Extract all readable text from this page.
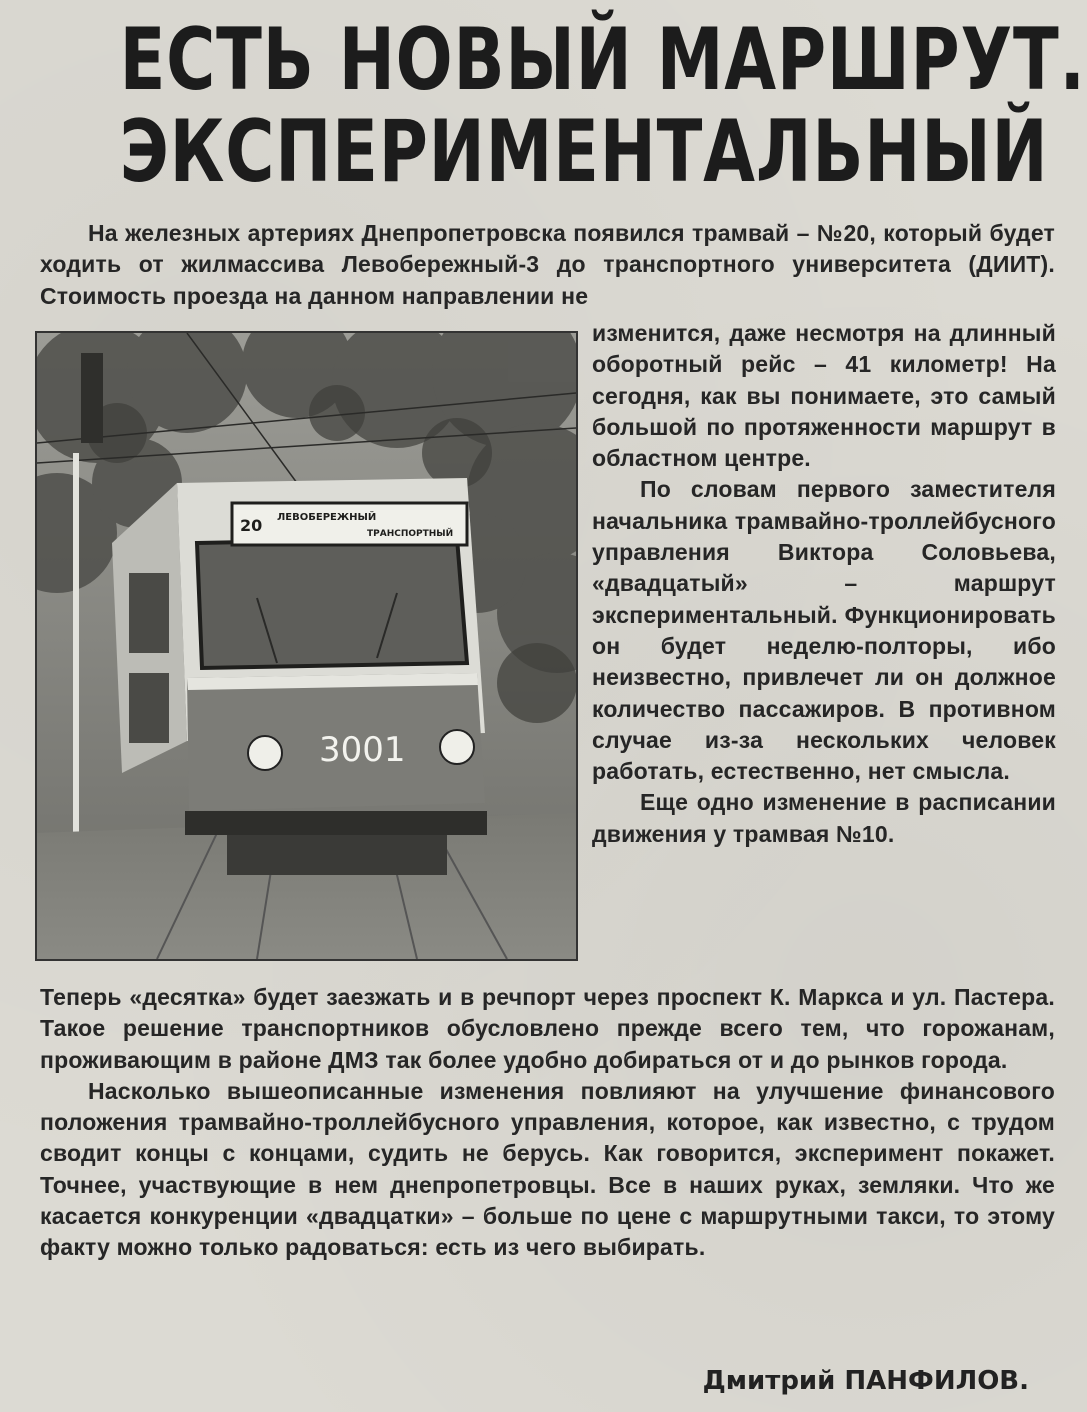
ЕСТЬ НОВЫЙ МАРШРУТ.
ЭКСПЕРИМЕНТАЛЬНЫЙ

На железных артериях Днепропетровска появился трамвай – №20, который будет ходить от жилмассива Левобережный-3 до транспортного университета (ДИИТ). Стоимость проезда на данном направлении не

20 ЛЕВОБЕРЕЖНЫЙ
ТРАНСПОРТНЫЙ
3001

изменится, даже несмотря на длинный оборотный рейс – 41 километр! На сегодня, как вы понимаете, это самый большой по протяженности маршрут в областном центре.

По словам первого заместителя начальника трамвайно-троллейбусного управления Виктора Соловьева, «двадцатый» – маршрут экспериментальный. Функционировать он будет неделю-полторы, ибо неизвестно, привлечет ли он должное количество пассажиров. В противном случае из-за нескольких человек работать, естественно, нет смысла.

Еще одно изменение в расписании движения у трамвая №10.

Теперь «десятка» будет заезжать и в речпорт через проспект К. Маркса и ул. Пастера. Такое решение транспортников обусловлено прежде всего тем, что горожанам, проживающим в районе ДМЗ так более удобно добираться от и до рынков города.

Насколько вышеописанные изменения повлияют на улучшение финансового положения трамвайно-троллейбусного управления, которое, как известно, с трудом сводит концы с концами, судить не берусь. Как говорится, эксперимент покажет. Точнее, участвующие в нем днепропетровцы. Все в наших руках, земляки. Что же касается конкуренции «двадцатки» – больше по цене с маршрутными такси, то этому факту можно только радоваться: есть из чего выбирать.

Дмитрий ПАНФИЛОВ.
